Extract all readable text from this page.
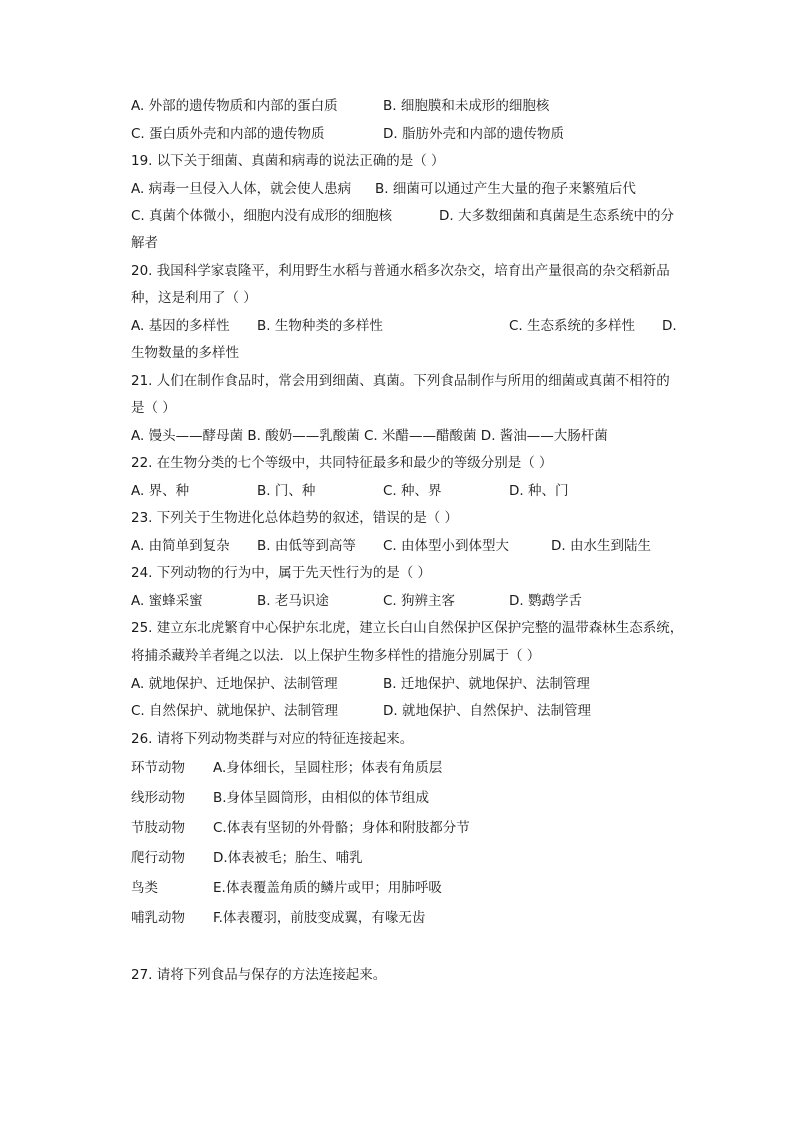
A. 外部的遗传物质和内部的蛋白质	B. 细胞膜和未成形的细胞核
C. 蛋白质外壳和内部的遗传物质	D. 脂肪外壳和内部的遗传物质
19. 以下关于细菌、真菌和病毒的说法正确的是（ ）
A. 病毒一旦侵入人体，就会使人患病 B. 细菌可以通过产生大量的孢子来繁殖后代
C. 真菌个体微小，细胞内没有成形的细胞核	D. 大多数细菌和真菌是生态系统中的分
解者
20. 我国科学家袁隆平，利用野生水稻与普通水稻多次杂交，培育出产量很高的杂交稻新品
种，这是利用了（ ）
A. 基因的多样性 B. 生物种类的多样性	C. 生态系统的多样性 D.
生物数量的多样性
21. 人们在制作食品时，常会用到细菌、真菌。下列食品制作与所用的细菌或真菌不相符的
是（ ）
A. 馒头——酵母菌 B. 酸奶——乳酸菌 C. 米醋——醋酸菌 D. 酱油——大肠杆菌
22. 在生物分类的七个等级中，共同特征最多和最少的等级分别是（ ）
A. 界、种	B. 门、种	C. 种、界	D. 种、门
23. 下列关于生物进化总体趋势的叙述，错误的是（ ）
A. 由简单到复杂 B. 由低等到高等 C. 由体型小到体型大	D. 由水生到陆生
24. 下列动物的行为中，属于先天性行为的是（ ）
A. 蜜蜂采蜜	B. 老马识途	C. 狗辨主客	D. 鹦鹉学舌
25. 建立东北虎繁育中心保护东北虎，建立长白山自然保护区保护完整的温带森林生态系统，
将捕杀藏羚羊者绳之以法．以上保护生物多样性的措施分别属于（ ）
A. 就地保护、迁地保护、法制管理	B. 迁地保护、就地保护、法制管理
C. 自然保护、就地保护、法制管理	D. 就地保护、自然保护、法制管理
26. 请将下列动物类群与对应的特征连接起来。
环节动物 A.身体细长，呈圆柱形；体表有角质层
线形动物 B.身体呈圆筒形，由相似的体节组成
节肢动物 C.体表有坚韧的外骨骼；身体和附肢都分节
爬行动物 D.体表被毛；胎生、哺乳
鸟类	E.体表覆盖角质的鳞片或甲；用肺呼吸
哺乳动物 F.体表覆羽，前肢变成翼，有喙无齿
27. 请将下列食品与保存的方法连接起来。
